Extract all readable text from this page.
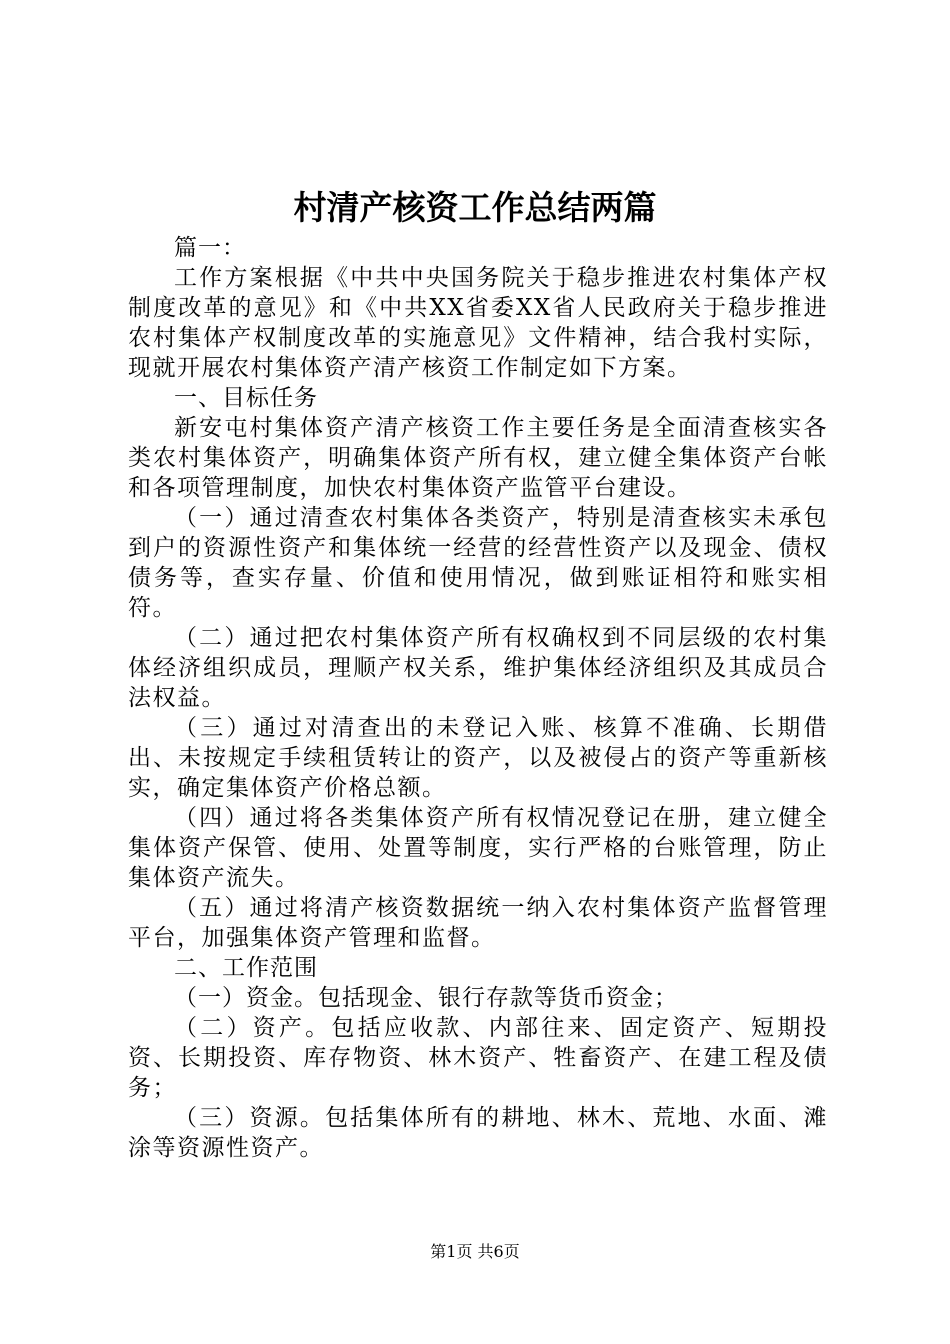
村清产核资工作总结两篇

篇一：

工作方案根据《中共中央国务院关于稳步推进农村集体产权制度改革的意见》和《中共XX省委XX省人民政府关于稳步推进农村集体产权制度改革的实施意见》文件精神，结合我村实际，现就开展农村集体资产清产核资工作制定如下方案。

一、目标任务

新安屯村集体资产清产核资工作主要任务是全面清查核实各类农村集体资产，明确集体资产所有权，建立健全集体资产台帐和各项管理制度，加快农村集体资产监管平台建设。

（一）通过清查农村集体各类资产，特别是清查核实未承包到户的资源性资产和集体统一经营的经营性资产以及现金、债权债务等，查实存量、价值和使用情况，做到账证相符和账实相符。

（二）通过把农村集体资产所有权确权到不同层级的农村集体经济组织成员，理顺产权关系，维护集体经济组织及其成员合法权益。

（三）通过对清查出的未登记入账、核算不准确、长期借出、未按规定手续租赁转让的资产，以及被侵占的资产等重新核实，确定集体资产价格总额。

（四）通过将各类集体资产所有权情况登记在册，建立健全集体资产保管、使用、处置等制度，实行严格的台账管理，防止集体资产流失。

（五）通过将清产核资数据统一纳入农村集体资产监督管理平台，加强集体资产管理和监督。

二、工作范围

（一）资金。包括现金、银行存款等货币资金；

（二）资产。包括应收款、内部往来、固定资产、短期投资、长期投资、库存物资、林木资产、牲畜资产、在建工程及债务；

（三）资源。包括集体所有的耕地、林木、荒地、水面、滩涂等资源性资产。

第1页 共6页
